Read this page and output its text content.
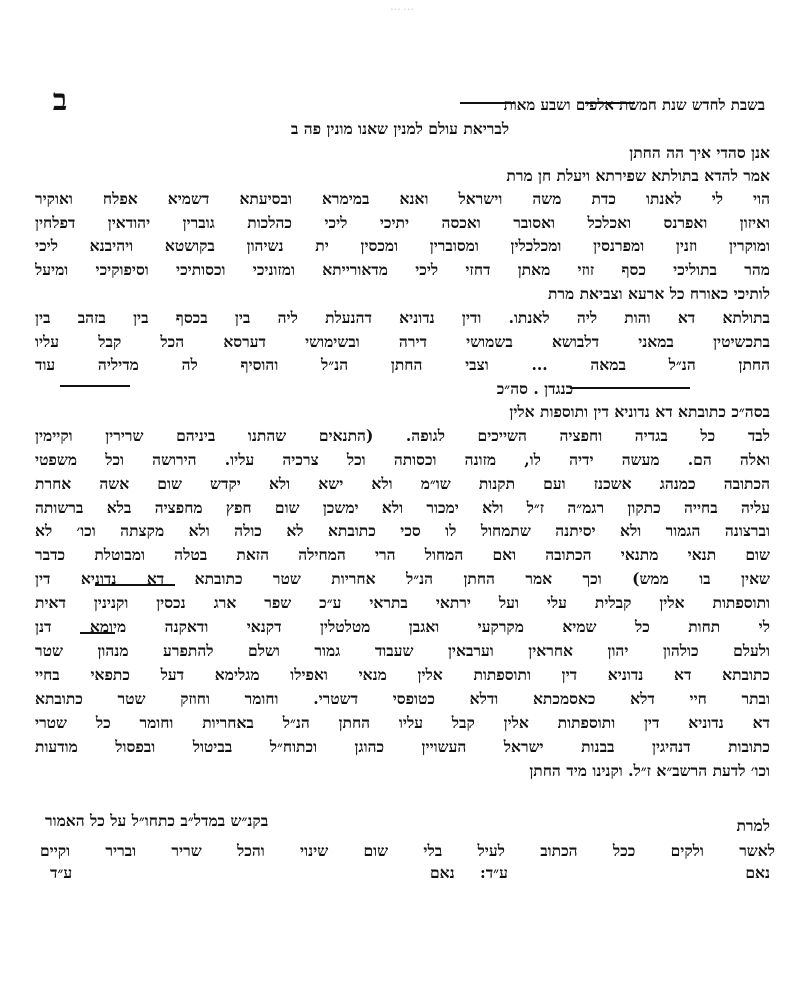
……
ב	בשבת לחדש שנת חמשת אלפים ושבע מאות
לבריאת עולם למנין שאנו מונין פה ב
אנן סהדי איך הה החתן
אמר להדא בתולתא שפירתא ויעלת חן מרת
הוי לי לאנתו כדת משה וישראל ואנא במימרא ובסיעתא דשמיא אפלח ואוקיר
ואיזון ואפרנס ואכלכל ואסובר ואכסה יתיכי ליכי כהלכות גוברין יהודאין דפלחין
ומוקרין וזנין ומפרנסין ומכלכלין ומסוברין ומכסין ית נשיהון בקושטא ויהיבנא ליכי
מהר בתוליכי כסף זוזי מאתן דחזי ליכי מדאורייתא ומזוניכי וכסותיכי וסיפוקיכי ומיעל
לותיכי כאורח כל ארעא וצביאת מרת
בתולתא דא והות ליה לאנתו. ודין נדוניא דהנעלת ליה בין בכסף בין בזהב בין
בתכשיטין במאני דלבושא בשמושי דירה ובשימושי דערסא הכל קבל עליו
החתן הנ״ל במאה ... וצבי החתן הנ״ל והוסיף לה מדיליה עוד
כנגדן . סה״כ
בסה״כ כתובתא דא נדוניא דין ותוספות אלין
לבד כל בגדיה וחפציה השייכים לגופה. (התנאים שהתנו ביניהם שרירין וקיימין
ואלה הם. מעשה ידיה לו, מזונה וכסותה וכל צרכיה עליו. הירושה וכל משפטי
הכתובה כמנהג אשכנז ועם תקנות שו״מ ולא ישא ולא יקדש שום אשה אחרת
עליה בחייה כתקון רגמ״ה ז״ל ולא ימכור ולא ימשכן שום חפץ מחפציה בלא ברשותה
וברצונה הגמור ולא יסיתנה שתמחול לו סכי כתובתא לא כולה ולא מקצתה וכו׳ לא
שום תנאי מתנאי הכתובה ואם המחול הרי המחילה הזאת בטלה ומבוטלת כדבר
שאין בו ממש) וכך אמר החתן הנ״ל אחריות שטר כתובתא דא נדוניא דין
ותוספתות אלין קבלית עלי ועל ירתאי בתראי ע״כ שפר ארג נכסין וקנינין דאית
לי תחות כל שמיא מקרקעי ואגבן מטלטלין דקנאי ודאקנה מיומא דנן
ולעלם כולהון יהון אחראין וערבאין שעבוד גמור ושלם להתפרע מנהון שטר
כתובתא דא נדוניא דין ותוספתות אלין מנאי ואפילו מגלימא דעל כתפאי בחיי
ובתר חיי דלא כאסמכתא ודלא כטופסי דשטרי. וחומר וחוזק שטר כתובתא
דא נדוניא דין ותוספתות אלין קבל עליו החתן הנ״ל באחריות וחומר כל שטרי
כתובות דנהיגין בבנות ישראל העשויין כהוגן וכתוח״ל בביטול ובפסול מודעות
וכו׳ לדעת הרשב״א ז״ל. וקנינו מיד החתן
למרת
בקנ״ש במדל״ב כתחו״ל על כל האמור
לאשר ולקים ככל הכתוב לעיל בלי שום שינוי והכל שריר ובריר וקיים
ע״ד:
נאם
ע״ד	נאם
